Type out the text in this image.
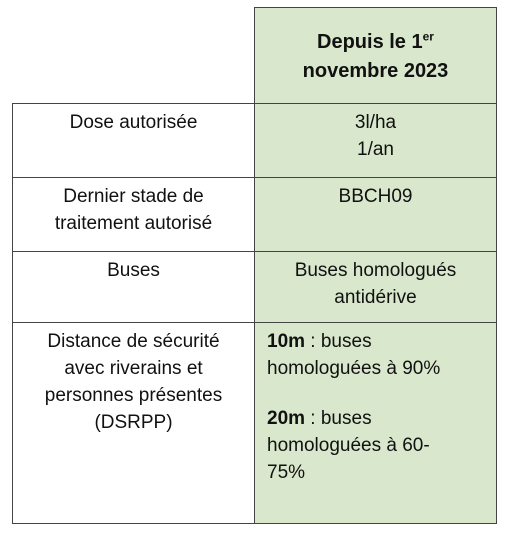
Depuis le 1er
novembre 2023
Dose autorisée	3l/ha
1/an
Dernier stade de
traitement autorisé
BBCH09
Buses	Buses homologués
antidérive
Distance de sécurité
avec riverains et
personnes présentes
(DSRPP)
10m : buses
homologuées à 90%
20m : buses
homologuées à 60-
75%
